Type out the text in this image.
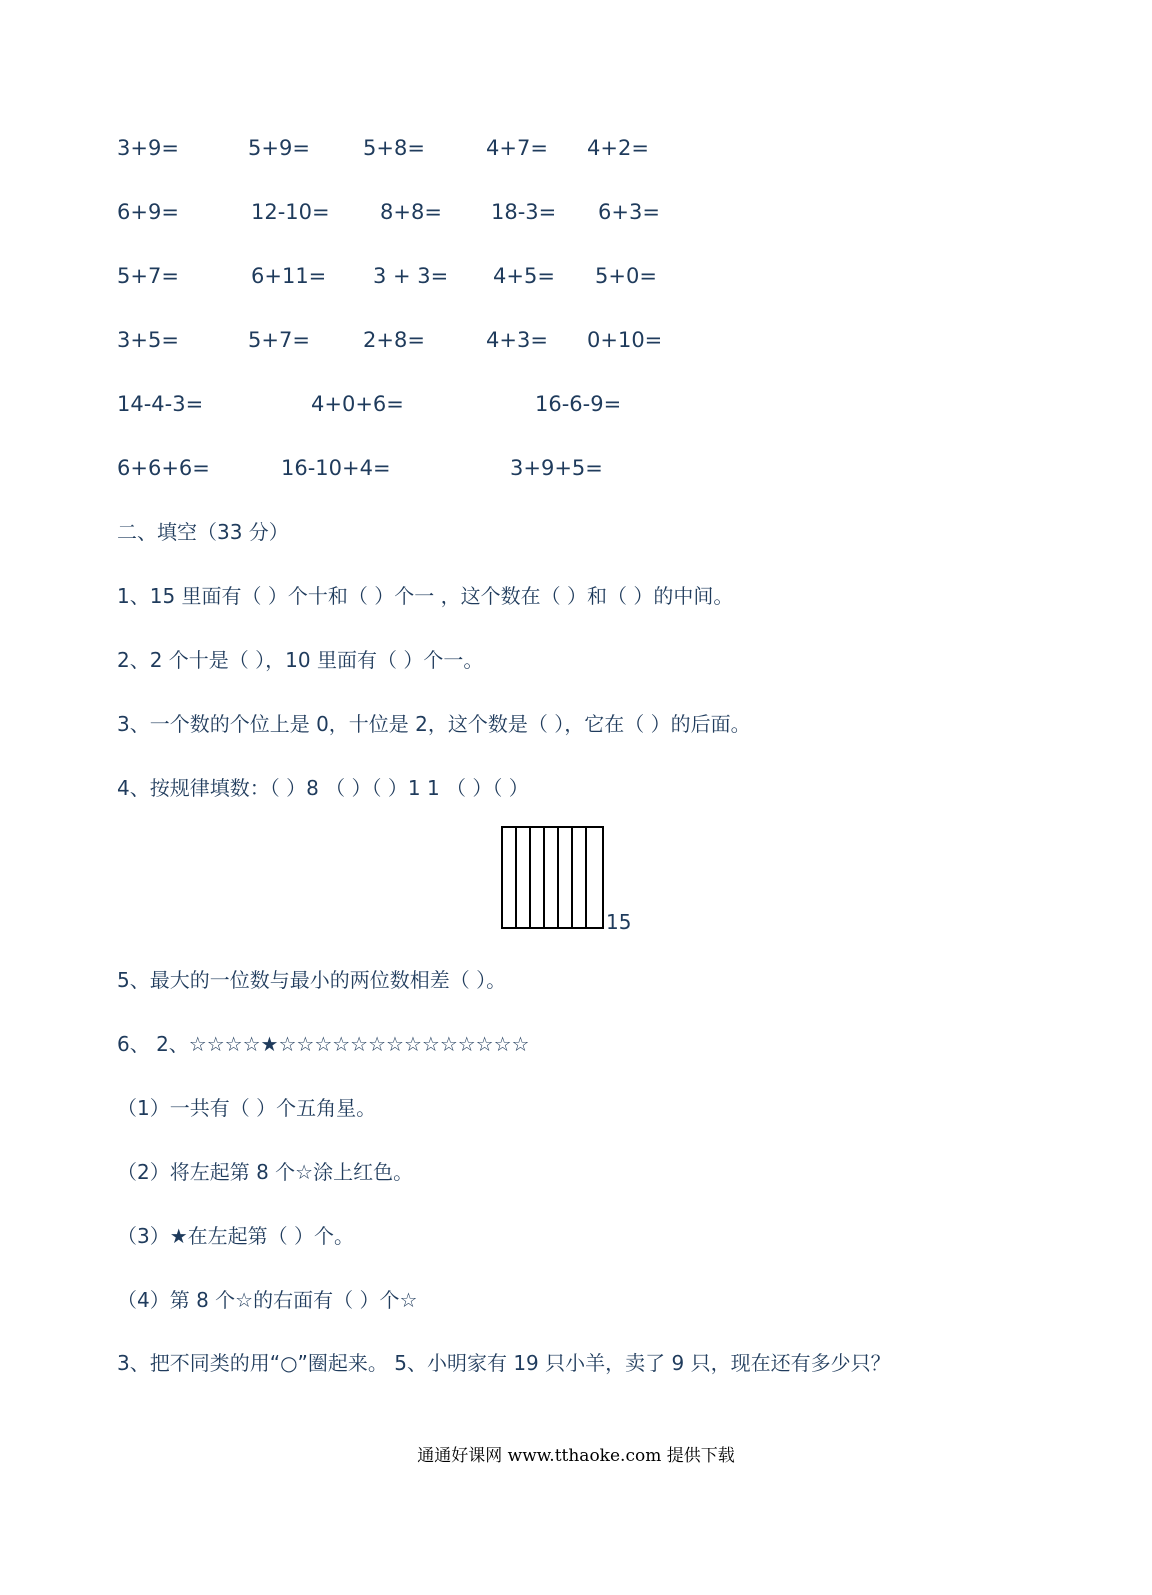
3+9=	5+9=	5+8=	4+7= 4+2=
6+9=	12-10= 8+8= 18-3= 6+3=
5+7=	6+11= 3 + 3= 4+5= 5+0=
3+5=	5+7=	2+8=	4+3= 0+10=
14-4-3=	4+0+6=	16-6-9=
6+6+6=	16-10+4=	3+9+5=
二、填空（33 分）
1、15 里面有（ ）个十和（ ）个一 ，这个数在（ ）和（ ）的中间。
2、2 个十是（ ），10 里面有（ ）个一。
3、一个数的个位上是 0，十位是 2，这个数是（ ），它在（ ）的后面。
4、按规律填数：（ ）8 （ ）（ ）1 1 （ ）（ ）
15
5、最大的一位数与最小的两位数相差（ ）。
6、 2、☆☆☆☆★☆☆☆☆☆☆☆☆☆☆☆☆☆☆
（1）一共有（ ）个五角星。
（2）将左起第 8 个☆涂上红色。
（3）★在左起第（ ）个。
（4）第 8 个☆的右面有（ ）个☆
3、把不同类的用“○”圈起来。 5、小明家有 19 只小羊，卖了 9 只，现在还有多少只？
通通好课网 www.tthaoke.com 提供下载
